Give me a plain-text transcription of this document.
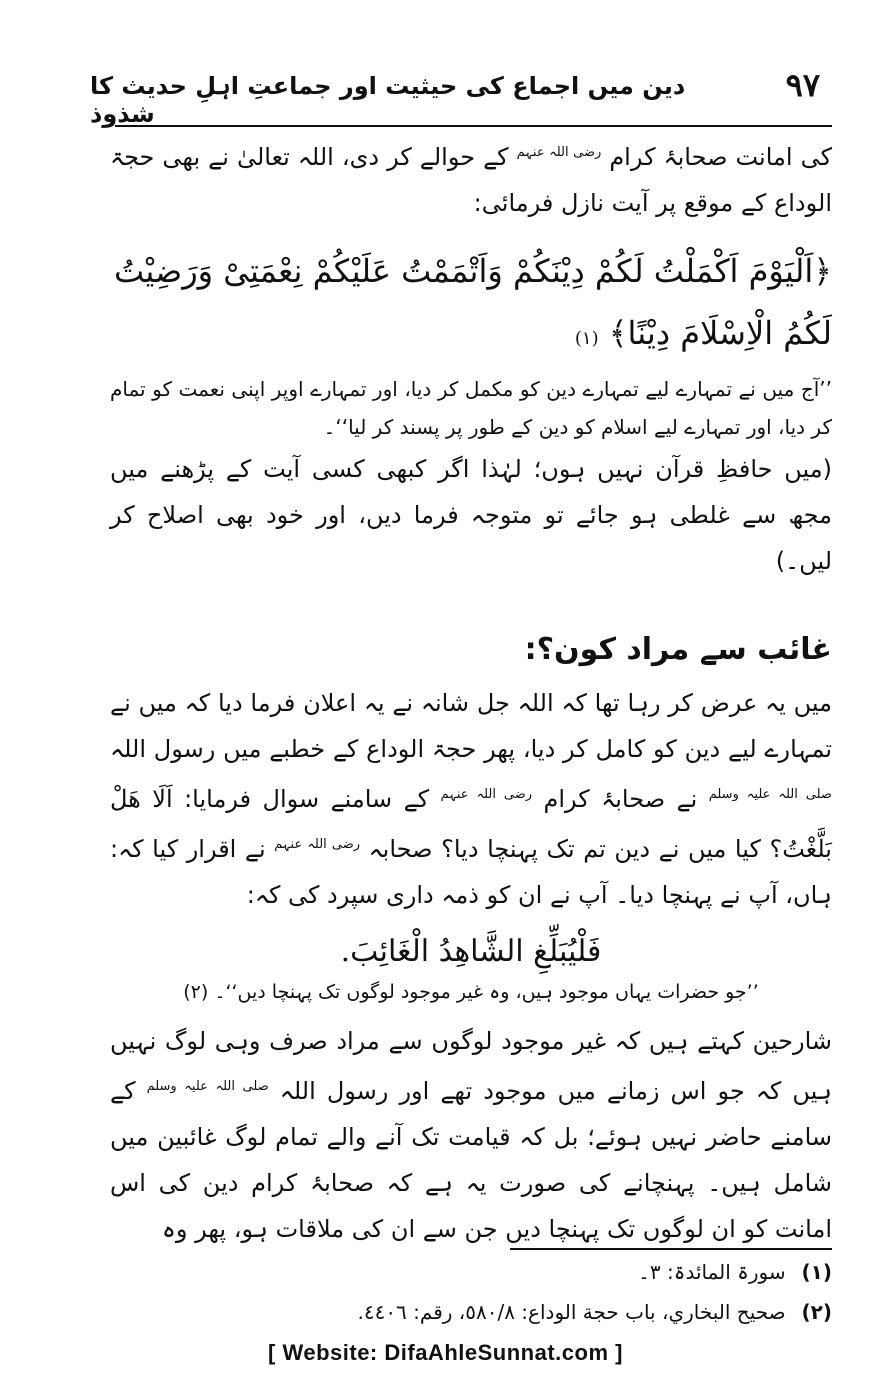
۹۷
دین میں اجماع کی حیثیت اور جماعتِ اہلِ حدیث کا شذوذ

کی امانت صحابۂ کرام $^{رضی اللہ عنہم}$ کے حوالے کر دی، اللہ تعالیٰ نے بھی حجۃ الوداع کے موقع پر آیت نازل فرمائی:

﴿اَلْیَوْمَ اَکْمَلْتُ لَکُمْ دِیْنَکُمْ وَاَتْمَمْتُ عَلَیْکُمْ نِعْمَتِیْ وَرَضِیْتُ لَکُمُ الْاِسْلَامَ دِیْنًا﴾ (۱)

’’آج میں نے تمہارے لیے تمہارے دین کو مکمل کر دیا، اور تمہارے اوپر اپنی نعمت کو تمام کر دیا، اور تمہارے لیے اسلام کو دین کے طور پر پسند کر لیا‘‘۔

(میں حافظِ قرآن نہیں ہوں؛ لہٰذا اگر کبھی کسی آیت کے پڑھنے میں مجھ سے غلطی ہو جائے تو متوجہ فرما دیں، اور خود بھی اصلاح کر لیں۔)

غائب سے مراد کون؟:

میں یہ عرض کر رہا تھا کہ اللہ جل شانہ نے یہ اعلان فرما دیا کہ میں نے تمہارے لیے دین کو کامل کر دیا، پھر حجۃ الوداع کے خطبے میں رسول اللہ $^{صلی اللہ علیہ وسلم}$ نے صحابۂ کرام $^{رضی اللہ عنہم}$ کے سامنے سوال فرمایا: اَلَا هَلْ بَلَّغْتُ؟ کیا میں نے دین تم تک پہنچا دیا؟ صحابہ $^{رضی اللہ عنہم}$ نے اقرار کیا کہ: ہاں، آپ نے پہنچا دیا۔ آپ نے ان کو ذمہ داری سپرد کی کہ:

فَلْيُبَلِّغِ الشَّاهِدُ الْغَائِبَ.

’’جو حضرات یہاں موجود ہیں، وہ غیر موجود لوگوں تک پہنچا دیں‘‘۔ (۲)

شارحین کہتے ہیں کہ غیر موجود لوگوں سے مراد صرف وہی لوگ نہیں ہیں کہ جو اس زمانے میں موجود تھے اور رسول اللہ $^{صلی اللہ علیہ وسلم}$ کے سامنے حاضر نہیں ہوئے؛ بل کہ قیامت تک آنے والے تمام لوگ غائبین میں شامل ہیں۔ پہنچانے کی صورت یہ ہے کہ صحابۂ کرام دین کی اس امانت کو ان لوگوں تک پہنچا دیں جن سے ان کی ملاقات ہو، پھر وہ

(۱) سورۃ المائدۃ: ۳۔

(۲) صحيح البخاري، باب حجة الوداع: ٥٨٠/٨، رقم: ٤٤٠٦.

[ Website: DifaAhleSunnat.com ]
